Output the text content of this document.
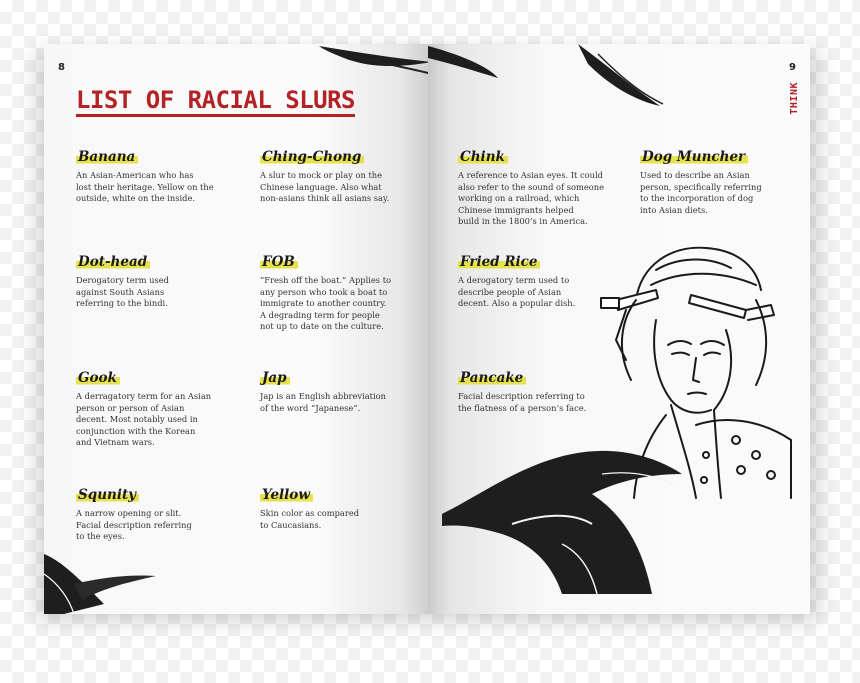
8
LIST OF RACIAL SLURS
Banana
An Asian-American who has
lost their heritage. Yellow on the
outside, white on the inside.
Ching-Chong
A slur to mock or play on the
Chinese language. Also what
non-asians think all asians say.
Dot-head
Derogatory term used
against South Asians
referring to the bindi.
FOB
“Fresh off the boat.” Applies to
any person who took a boat to
immigrate to another country.
A degrading term for people
not up to date on the culture.
Gook
A derragatory term for an Asian
person or person of Asian
decent. Most notably used in
conjunction with the Korean
and Vietnam wars.
Jap
Jap is an English abbreviation
of the word “Japanese”.
Squnity
A narrow opening or slit.
Facial description referring
to the eyes.
Yellow
Skin color as compared
to Caucasians.
9
THINK
Chink
A reference to Asian eyes. It could
also refer to the sound of someone
working on a railroad, which
Chinese immigrants helped
build in the 1800’s in America.
Dog Muncher
Used to describe an Asian
person, specifically referring
to the incorporation of dog
into Asian diets.
Fried Rice
A derogatory term used to
describe people of Asian
decent. Also a popular dish.
Pancake
Facial description referring to
the flatness of a person’s face.
